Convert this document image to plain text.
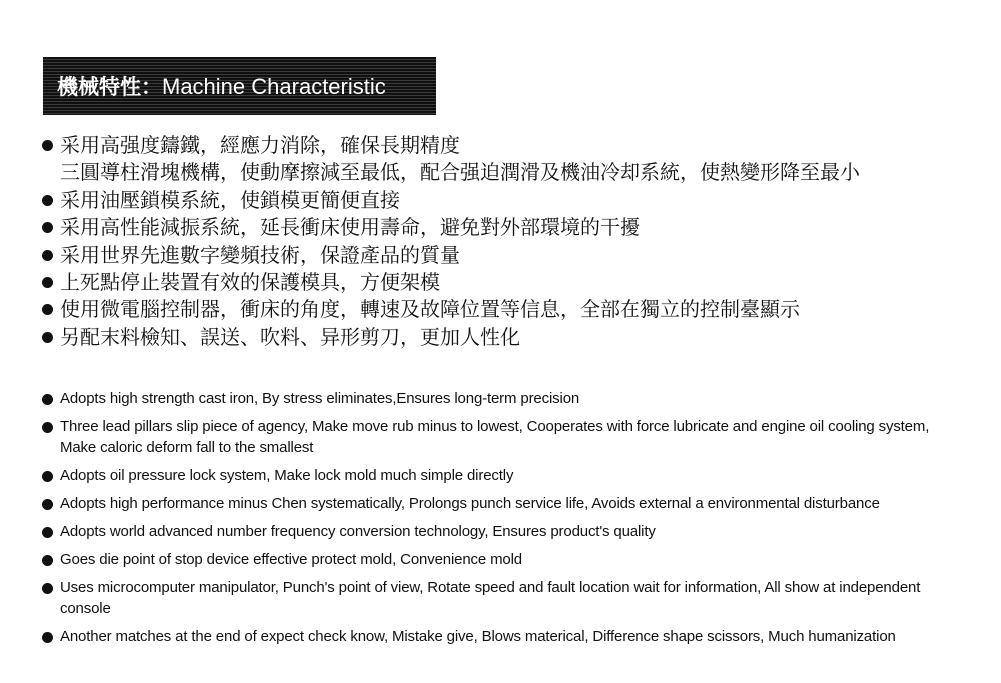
機械特性：Machine Characteristic
采用高强度鑄鐵，經應力消除，確保長期精度
三圓導柱滑塊機構，使動摩擦減至最低，配合强迫潤滑及機油冷却系統，使熱變形降至最小
采用油壓鎖模系統，使鎖模更簡便直接
采用高性能減振系統，延長衝床使用壽命，避免對外部環境的干擾
采用世界先進數字變頻技術，保證產品的質量
上死點停止裝置有效的保護模具，方便架模
使用微電腦控制器，衝床的角度，轉速及故障位置等信息，全部在獨立的控制臺顯示
另配末料檢知、誤送、吹料、异形剪刀，更加人性化
Adopts high strength cast iron, By stress eliminates,Ensures long-term precision
Three lead pillars slip piece of agency, Make move rub minus to lowest, Cooperates with force lubricate and engine oil cooling system, Make caloric deform fall to the smallest
Adopts oil pressure lock system, Make lock mold much simple directly
Adopts high performance minus Chen systematically, Prolongs punch service life, Avoids external a environmental disturbance
Adopts world advanced number frequency conversion technology, Ensures product's quality
Goes die point of stop device effective protect mold, Convenience mold
Uses microcomputer manipulator, Punch's point of view, Rotate speed and fault location wait for information, All show at independent console
Another matches at the end of expect check know, Mistake give, Blows materical, Difference shape scissors, Much humanization
